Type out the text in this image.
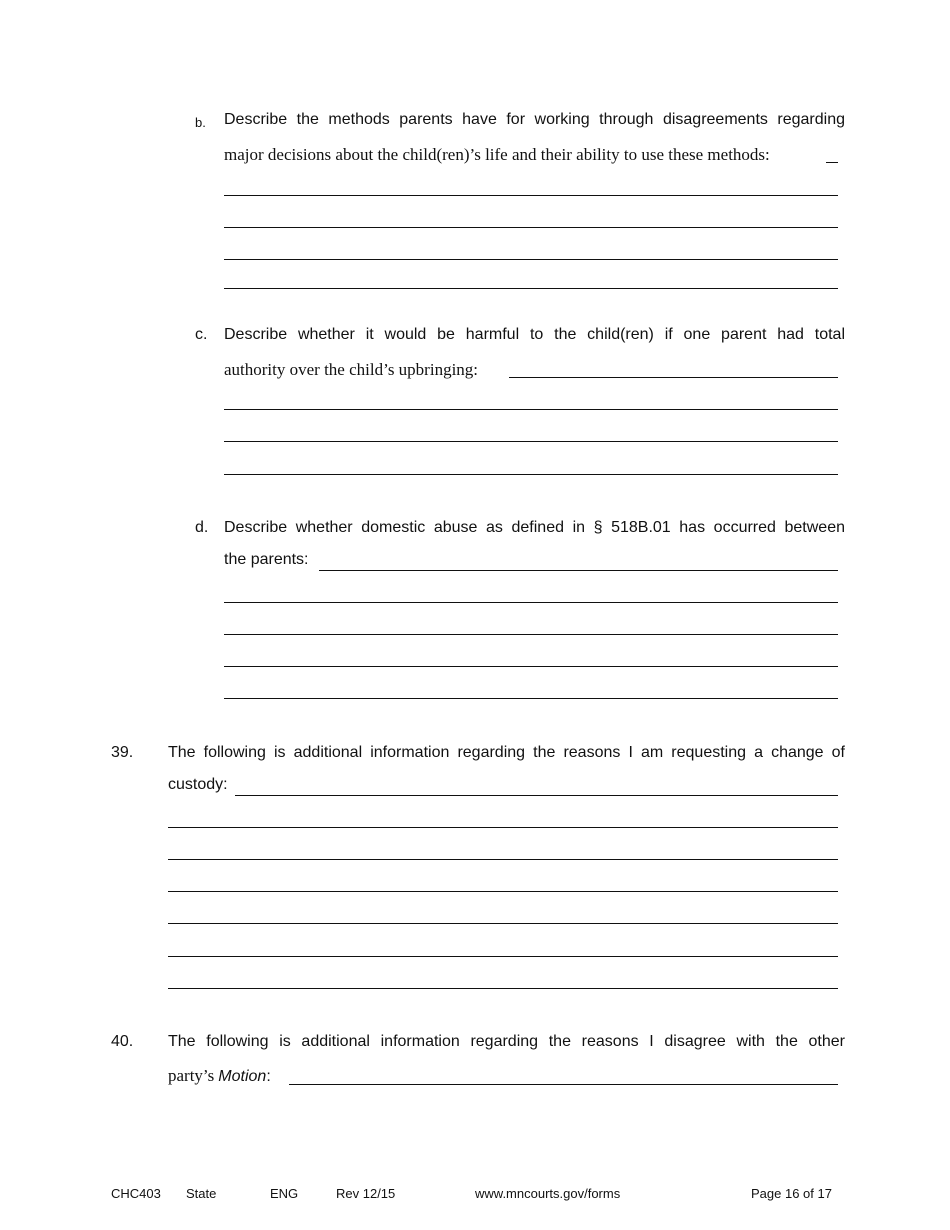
b. Describe the methods parents have for working through disagreements regarding
major decisions about the child(ren)’s life and their ability to use these methods:
c. Describe whether it would be harmful to the child(ren) if one parent had total
authority over the child’s upbringing:
d. Describe whether domestic abuse as defined in § 518B.01 has occurred between
the parents:
39. The following is additional information regarding the reasons I am requesting a change of
custody:
40. The following is additional information regarding the reasons I disagree with the other
party’s Motion:
CHC403 State	ENG	Rev 12/15	www.mncourts.gov/forms	Page 16 of 17
